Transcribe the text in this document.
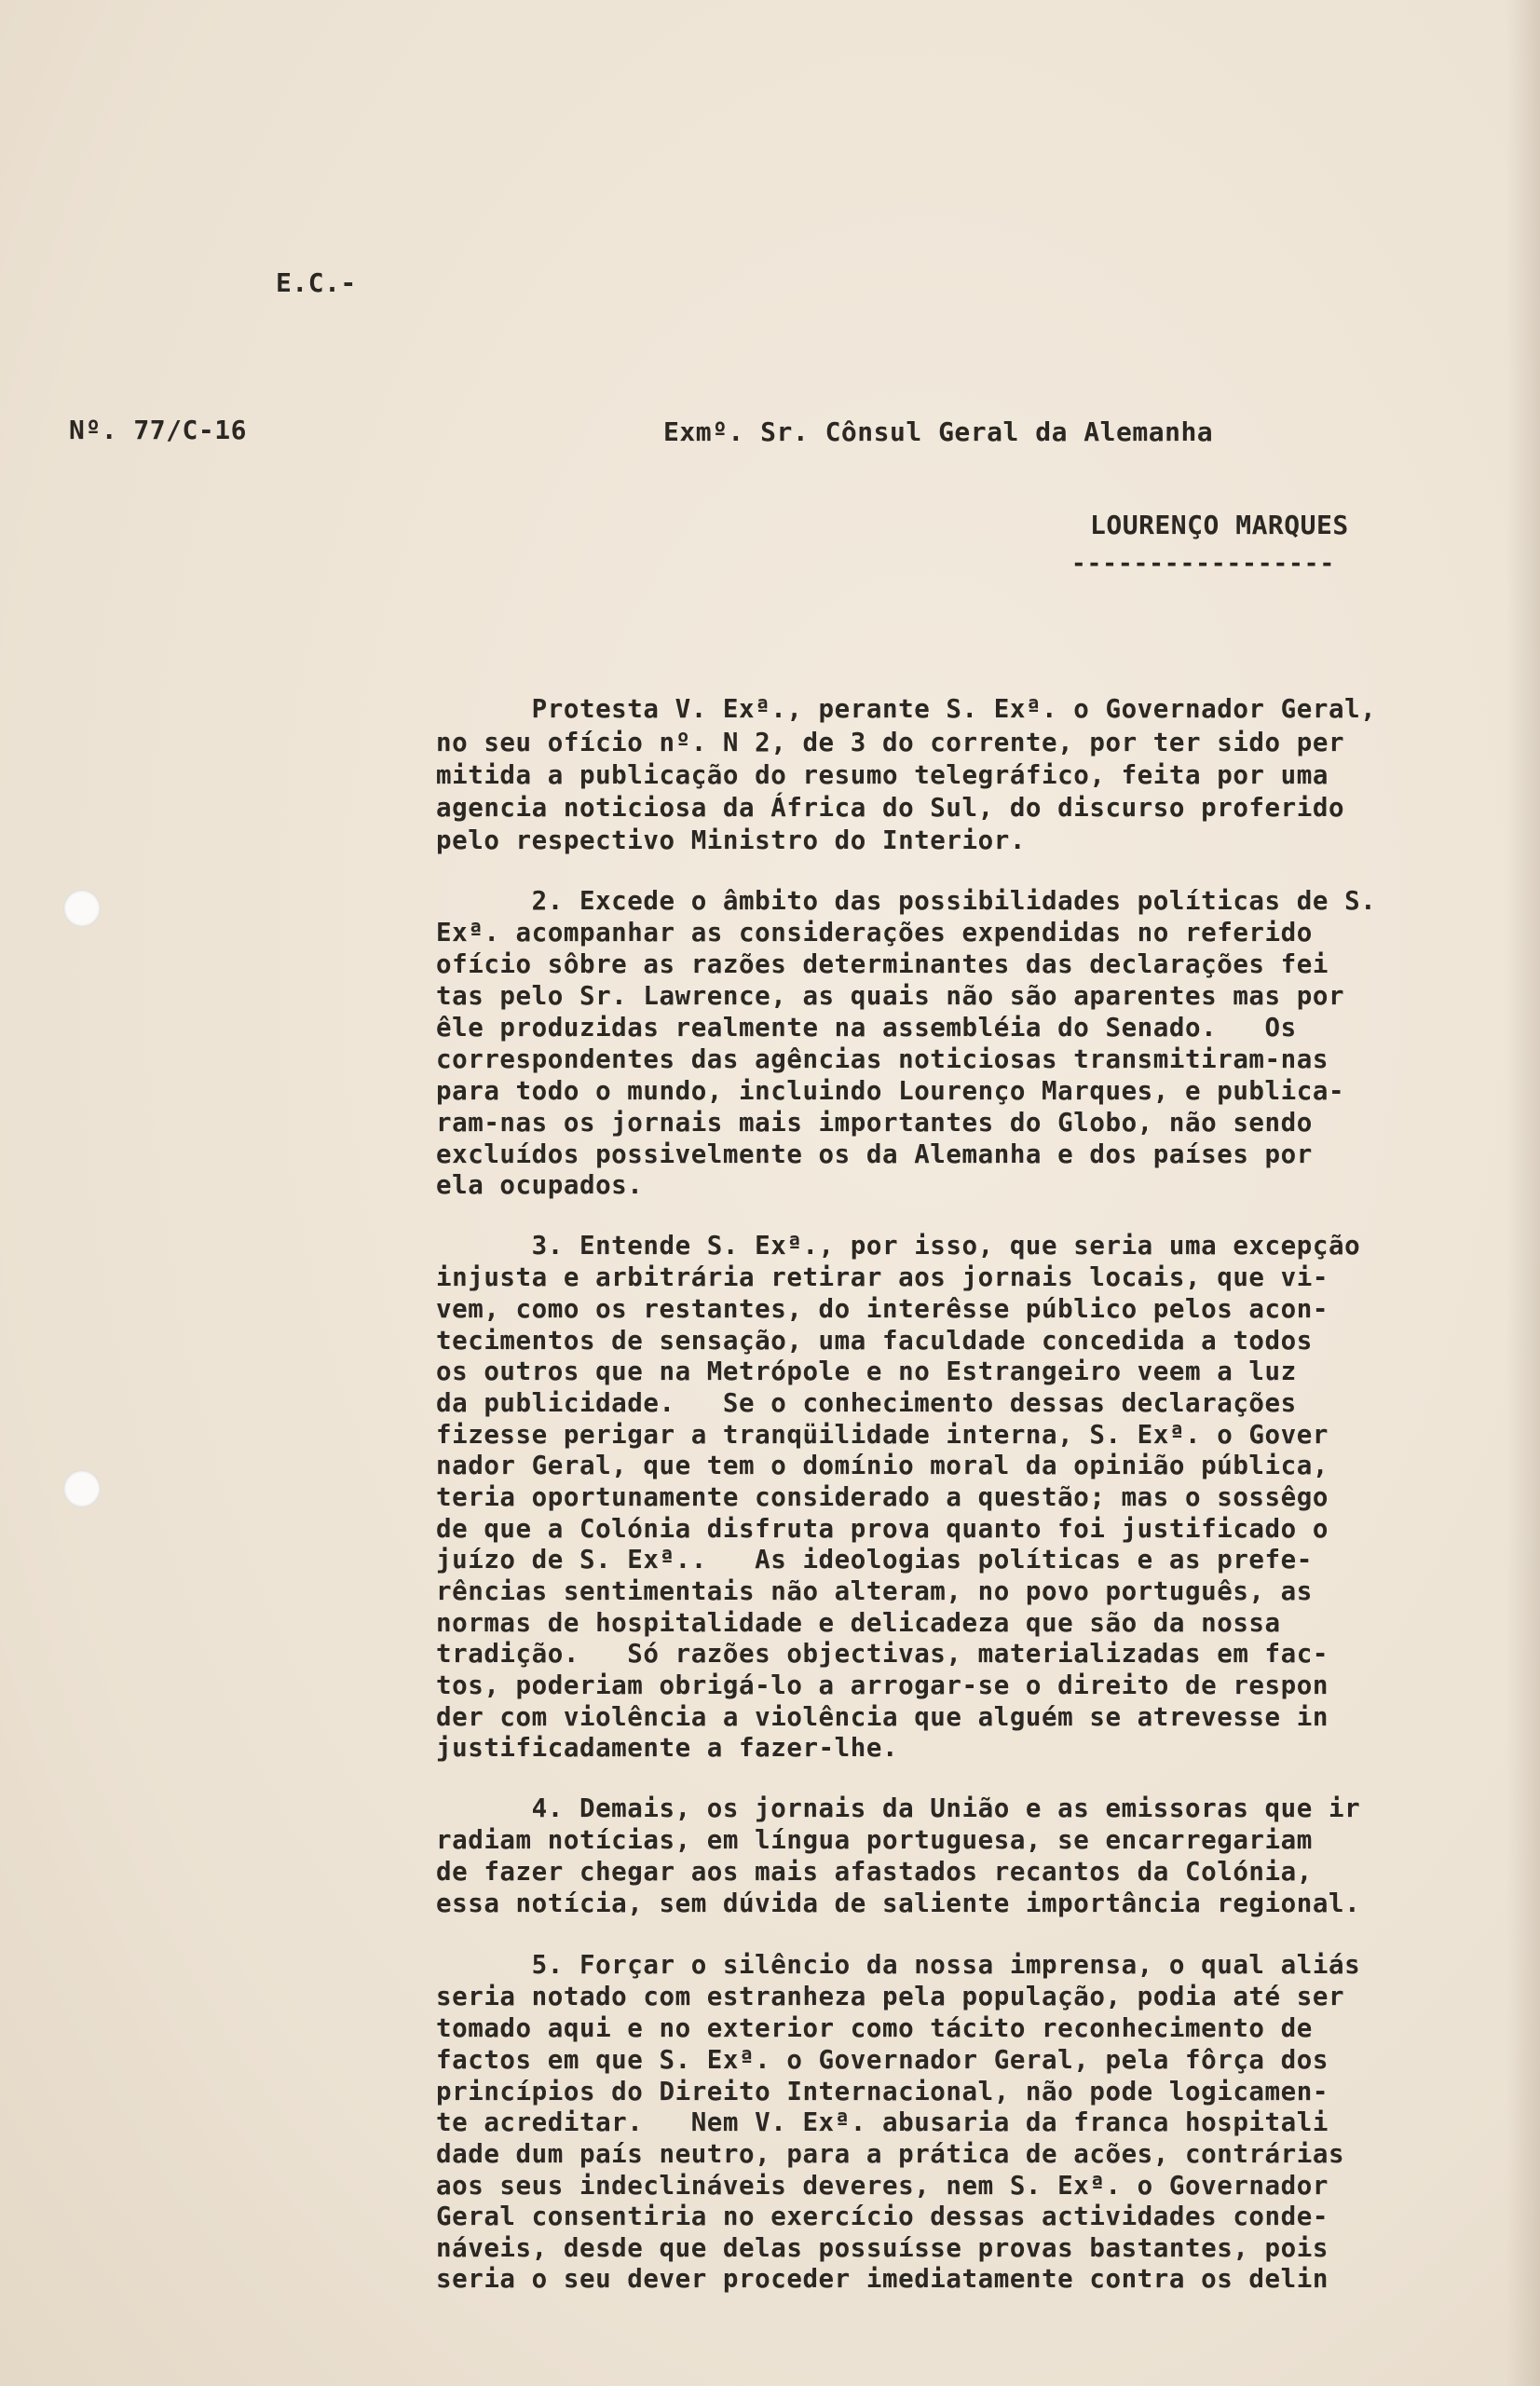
E.C.-
Nº. 77/C-16	Exmº. Sr. Cônsul Geral da Alemanha
LOURENÇO MARQUES
-----------------
Protesta V. Exª., perante S. Exª. o Governador Geral,
no seu ofício nº. N 2, de 3 do corrente, por ter sido per
mitida a publicação do resumo telegráfico, feita por uma
agencia noticiosa da África do Sul, do discurso proferido
pelo respectivo Ministro do Interior.
2. Excede o âmbito das possibilidades políticas de S.
Exª. acompanhar as considerações expendidas no referido
ofício sôbre as razões determinantes das declarações fei
tas pelo Sr. Lawrence, as quais não são aparentes mas por
êle produzidas realmente na assembléia do Senado.   Os
correspondentes das agências noticiosas transmitiram-nas
para todo o mundo, incluindo Lourenço Marques, e publica-
ram-nas os jornais mais importantes do Globo, não sendo
excluídos possivelmente os da Alemanha e dos países por
ela ocupados.
3. Entende S. Exª., por isso, que seria uma excepção
injusta e arbitrária retirar aos jornais locais, que vi-
vem, como os restantes, do interêsse público pelos acon-
tecimentos de sensação, uma faculdade concedida a todos
os outros que na Metrópole e no Estrangeiro veem a luz
da publicidade.   Se o conhecimento dessas declarações
fizesse perigar a tranqüilidade interna, S. Exª. o Gover
nador Geral, que tem o domínio moral da opinião pública,
teria oportunamente considerado a questão; mas o sossêgo
de que a Colónia disfruta prova quanto foi justificado o
juízo de S. Exª..   As ideologias políticas e as prefe-
rências sentimentais não alteram, no povo português, as
normas de hospitalidade e delicadeza que são da nossa
tradição.   Só razões objectivas, materializadas em fac-
tos, poderiam obrigá-lo a arrogar-se o direito de respon
der com violência a violência que alguém se atrevesse in
justificadamente a fazer-lhe.
4. Demais, os jornais da União e as emissoras que ir
radiam notícias, em língua portuguesa, se encarregariam
de fazer chegar aos mais afastados recantos da Colónia,
essa notícia, sem dúvida de saliente importância regional.
5. Forçar o silêncio da nossa imprensa, o qual aliás
seria notado com estranheza pela população, podia até ser
tomado aqui e no exterior como tácito reconhecimento de
factos em que S. Exª. o Governador Geral, pela fôrça dos
princípios do Direito Internacional, não pode logicamen-
te acreditar.   Nem V. Exª. abusaria da franca hospitali
dade dum país neutro, para a prática de acões, contrárias
aos seus indeclináveis deveres, nem S. Exª. o Governador
Geral consentiria no exercício dessas actividades conde-
náveis, desde que delas possuísse provas bastantes, pois
seria o seu dever proceder imediatamente contra os delin
